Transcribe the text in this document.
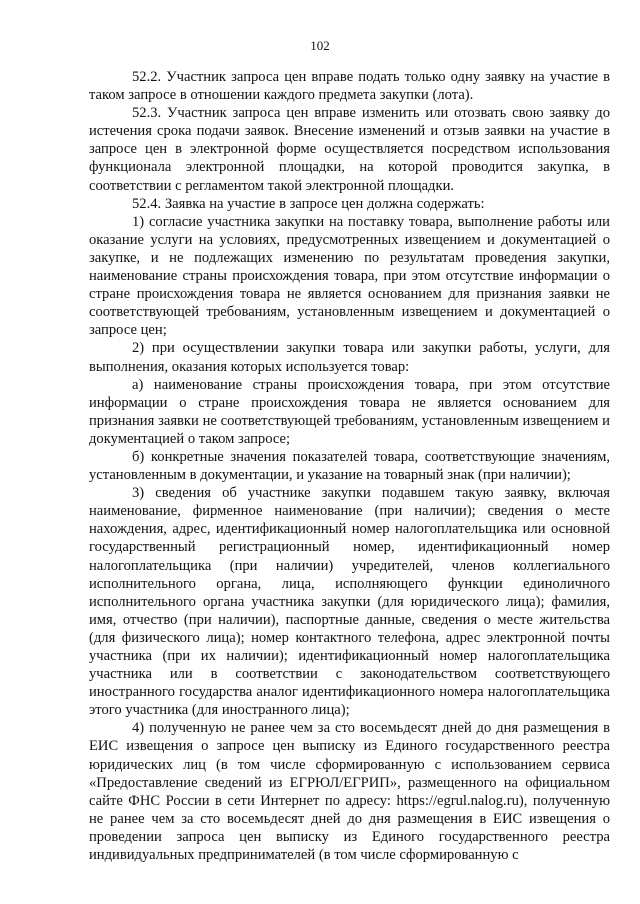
102

52.2. Участник запроса цен вправе подать только одну заявку на участие в таком запросе в отношении каждого предмета закупки (лота).

52.3. Участник запроса цен вправе изменить или отозвать свою заявку до истечения срока подачи заявок. Внесение изменений и отзыв заявки на участие в запросе цен в электронной форме осуществляется посредством использования функционала электронной площадки, на которой проводится закупка, в соответствии с регламентом такой электронной площадки.

52.4. Заявка на участие в запросе цен должна содержать:

1) согласие участника закупки на поставку товара, выполнение работы или оказание услуги на условиях, предусмотренных извещением и документацией о закупке, и не подлежащих изменению по результатам проведения закупки, наименование страны происхождения товара, при этом отсутствие информации о стране происхождения товара не является основанием для признания заявки не соответствующей требованиям, установленным извещением и документацией о запросе цен;

2) при осуществлении закупки товара или закупки работы, услуги, для выполнения, оказания которых используется товар:

а) наименование страны происхождения товара, при этом отсутствие информации о стране происхождения товара не является основанием для признания заявки не соответствующей требованиям, установленным извещением и документацией о таком запросе;

б) конкретные значения показателей товара, соответствующие значениям, установленным в документации, и указание на товарный знак (при наличии);

3) сведения об участнике закупки подавшем такую заявку, включая наименование, фирменное наименование (при наличии); сведения о месте нахождения, адрес, идентификационный номер налогоплательщика или основной государственный регистрационный номер, идентификационный номер налогоплательщика (при наличии) учредителей, членов коллегиального исполнительного органа, лица, исполняющего функции единоличного исполнительного органа участника закупки (для юридического лица); фамилия, имя, отчество (при наличии), паспортные данные, сведения о месте жительства (для физического лица); номер контактного телефона, адрес электронной почты участника (при их наличии); идентификационный номер налогоплательщика участника или в соответствии с законодательством соответствующего иностранного государства аналог идентификационного номера налогоплательщика этого участника (для иностранного лица);

4) полученную не ранее чем за сто восемьдесят дней до дня размещения в ЕИС извещения о запросе цен выписку из Единого государственного реестра юридических лиц (в том числе сформированную с использованием сервиса «Предоставление сведений из ЕГРЮЛ/ЕГРИП», размещенного на официальном сайте ФНС России в сети Интернет по адресу: https://egrul.nalog.ru), полученную не ранее чем за сто восемьдесят дней до дня размещения в ЕИС извещения о проведении запроса цен выписку из Единого государственного реестра индивидуальных предпринимателей (в том числе сформированную с
